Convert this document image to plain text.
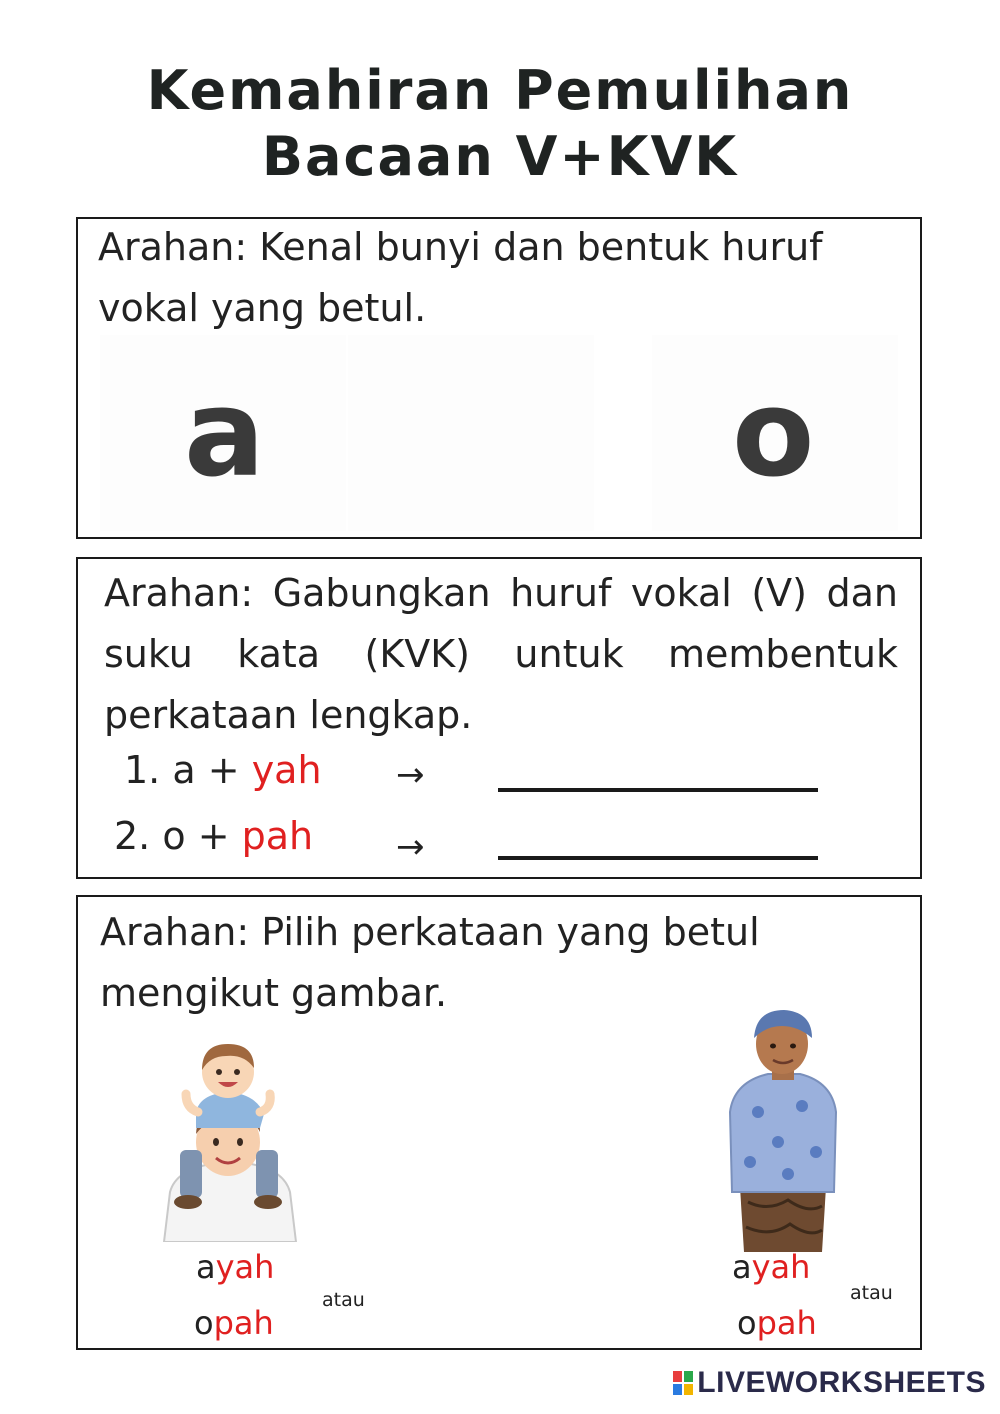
Kemahiran Pemulihan
Bacaan V+KVK
Arahan: Kenal bunyi dan bentuk huruf vokal yang betul.
a	o
Arahan: Gabungkan huruf vokal (V) dan suku kata (KVK) untuk membentuk perkataan lengkap.
1. a + yah →
2. o + pah →
Arahan: Pilih perkataan yang betul mengikut gambar.
ayah
atau
opah
ayah
atau
opah
LIVEWORKSHEETS
